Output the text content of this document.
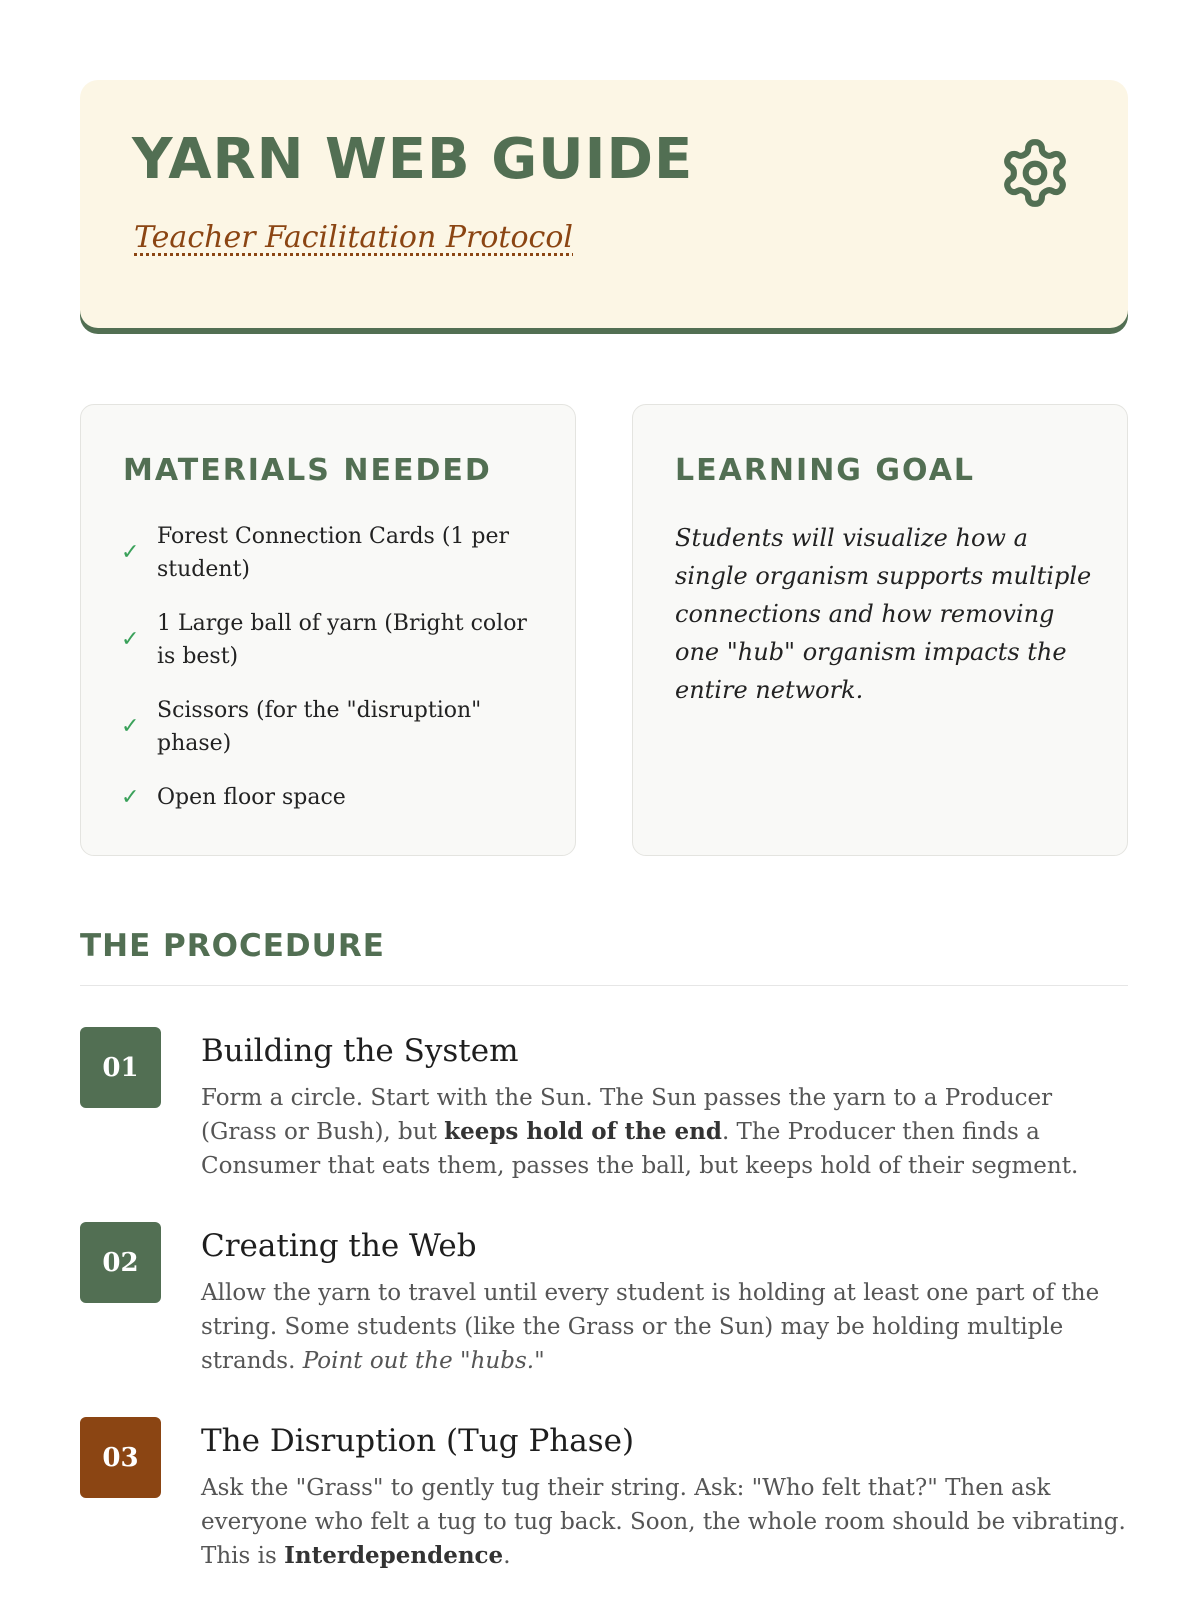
YARN WEB GUIDE
Teacher Facilitation Protocol
MATERIALS NEEDED
✓
Forest Connection Cards (1 per student)
✓
1 Large ball of yarn (Bright color is best)
✓
Scissors (for the "disruption" phase)
✓ Open floor space
LEARNING GOAL

Students will visualize how a single organism supports multiple connections and how removing one "hub" organism impacts the entire network.

THE PROCEDURE
01	Building the System

Form a circle. Start with the Sun. The Sun passes the yarn to a Producer (Grass or Bush), but keeps hold of the end. The Producer then finds a Consumer that eats them, passes the ball, but keeps hold of their segment.

02	Creating the Web

Allow the yarn to travel until every student is holding at least one part of the string. Some students (like the Grass or the Sun) may be holding multiple strands. Point out the "hubs."

03	The Disruption (Tug Phase)

Ask the "Grass" to gently tug their string. Ask: "Who felt that?" Then ask everyone who felt a tug to tug back. Soon, the whole room should be vibrating. This is Interdependence.
